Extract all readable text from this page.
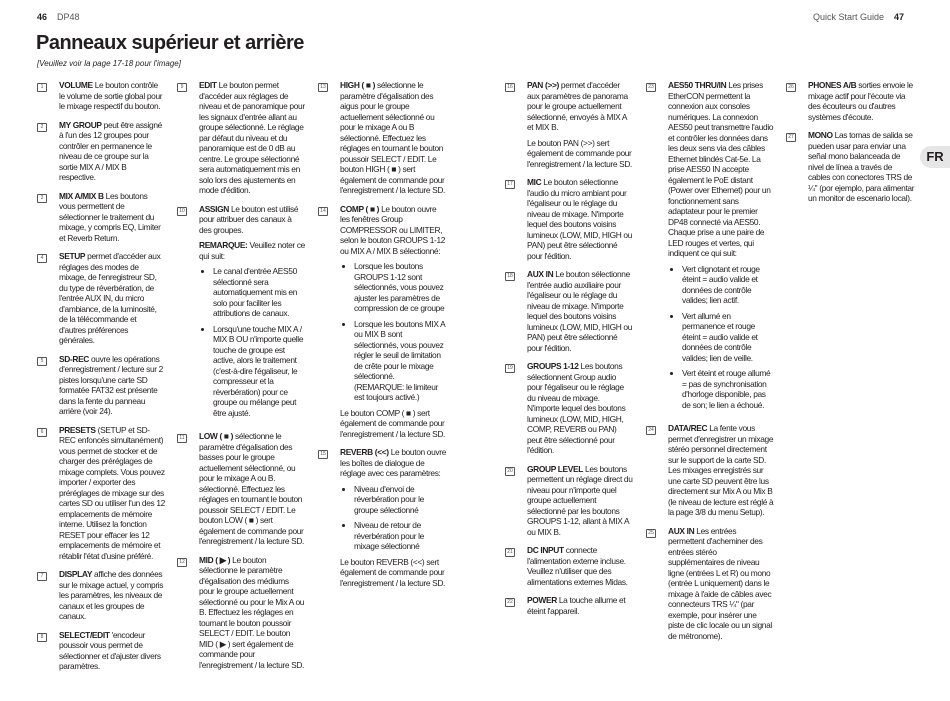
46 DP48	Quick Start Guide 47
Panneaux supérieur et arrière
[Veuillez voir la page 17-18 pour l'image]
FR
1	VOLUME Le bouton contrôle le volume de sortie global pour le mixage respectif du bouton.

2	MY GROUP peut être assigné à l'un des 12 groupes pour contrôler en permanence le niveau de ce groupe sur la sortie MIX A / MIX B respective.

3	MIX A/MIX B Les boutons vous permettent de sélectionner le traitement du mixage, y compris EQ, Limiter et Reverb Return.

4	SETUP permet d'accéder aux réglages des modes de mixage, de l'enregistreur SD, du type de réverbération, de l'entrée AUX IN, du micro d'ambiance, de la luminosité, de la télécommande et d'autres préférences générales.

5	SD-REC ouvre les opérations d'enregistrement / lecture sur 2 pistes lorsqu'une carte SD formatée FAT32 est présente dans la fente du panneau arrière (voir 24).

6	PRESETS (SETUP et SD-REC enfoncés simultanément) vous permet de stocker et de charger des préréglages de mixage complets. Vous pouvez importer / exporter des préréglages de mixage sur des cartes SD ou utiliser l'un des 12 emplacements de mémoire interne. Utilisez la fonction RESET pour effacer les 12 emplacements de mémoire et rétablir l'état d'usine préféré.

7	DISPLAY affiche des données sur le mixage actuel, y compris les paramètres, les niveaux de canaux et les groupes de canaux.

8	SELECT/EDIT 'encodeur poussoir vous permet de sélectionner et d'ajuster divers paramètres.

9	EDIT Le bouton permet d'accéder aux réglages de niveau et de panoramique pour les signaux d'entrée allant au groupe sélectionné. Le réglage par défaut du niveau et du panoramique est de 0 dB au centre. Le groupe sélectionné sera automatiquement mis en solo lors des ajustements en mode d'édition.

10 ASSIGN Le bouton est utilisé pour attribuer des canaux à des groupes.

REMARQUE: Veuillez noter ce qui suit:

• Le canal d'entrée AES50 sélectionné sera automatiquement mis en solo pour faciliter les attributions de canaux.
• Lorsqu'une touche MIX A / MIX B OU n'importe quelle touche de groupe est active, alors le traitement (c'est-à-dire l'égaliseur, le compresseur et la réverbération) pour ce groupe ou mélange peut être ajusté.
11 LOW ( ■ ) sélectionne le paramètre d'égalisation des basses pour le groupe actuellement sélectionné, ou pour le mixage A ou B. sélectionné. Effectuez les réglages en tournant le bouton poussoir SELECT / EDIT. Le bouton LOW ( ■ ) sert également de commande pour l'enregistrement / la lecture SD.

12 MID ( ▶ ) Le bouton sélectionne le paramètre d'égalisation des médiums pour le groupe actuellement sélectionné ou pour le Mix A ou B. Effectuez les réglages en tournant le bouton poussoir SELECT / EDIT. Le bouton MID ( ▶ ) sert également de commande pour l'enregistrement / la lecture SD.

13 HIGH ( ■ ) sélectionne le paramètre d'égalisation des aigus pour le groupe actuellement sélectionné ou pour le mixage A ou B sélectionné. Effectuez les réglages en tournant le bouton poussoir SELECT / EDIT. Le bouton HIGH ( ■ ) sert également de commande pour l'enregistrement / la lecture SD.

14 COMP ( ■ ) Le bouton ouvre les fenêtres Group COMPRESSOR ou LIMITER, selon le bouton GROUPS 1-12 ou MIX A / MIX B sélectionné:

• Lorsque les boutons GROUPS 1-12 sont sélectionnés, vous pouvez ajuster les paramètres de compression de ce groupe
• Lorsque les boutons MIX A ou MIX B sont sélectionnés, vous pouvez régler le seuil de limitation de crête pour le mixage sélectionné. (REMARQUE: le limiteur est toujours activé.)

Le bouton COMP ( ■ ) sert également de commande pour l'enregistrement / la lecture SD.

15 REVERB (<<) Le bouton ouvre les boîtes de dialogue de réglage avec ces paramètres:

• Niveau d'envoi de réverbération pour le groupe sélectionné
• Niveau de retour de réverbération pour le mixage sélectionné

Le bouton REVERB (<<) sert également de commande pour l'enregistrement / la lecture SD.

16 PAN (>>) permet d'accéder aux paramètres de panorama pour le groupe actuellement sélectionné, envoyés à MIX A et MIX B.

Le bouton PAN (>>) sert également de commande pour l'enregistrement / la lecture SD.

17 MIC Le bouton sélectionne l'audio du micro ambiant pour l'égaliseur ou le réglage du niveau de mixage. N'importe lequel des boutons voisins lumineux (LOW, MID, HIGH ou PAN) peut être sélectionné pour l'édition.

18 AUX IN Le bouton sélectionne l'entrée audio auxiliaire pour l'égaliseur ou le réglage du niveau de mixage. N'importe lequel des boutons voisins lumineux (LOW, MID, HIGH ou PAN) peut être sélectionné pour l'édition.

19 GROUPS 1-12 Les boutons sélectionnent Group audio pour l'égaliseur ou le réglage du niveau de mixage. N'importe lequel des boutons lumineux (LOW, MID, HIGH, COMP, REVERB ou PAN) peut être sélectionné pour l'édition.

20 GROUP LEVEL Les boutons permettent un réglage direct du niveau pour n'importe quel groupe actuellement sélectionné par les boutons GROUPS 1-12, allant à MIX A ou MIX B.

21 DC INPUT connecte l'alimentation externe incluse. Veuillez n'utiliser que des alimentations externes Midas.

22 POWER La touche allume et éteint l'appareil.

23 AES50 THRU/IN Les prises EtherCON permettent la connexion aux consoles numériques. La connexion AES50 peut transmettre l'audio et contrôler les données dans les deux sens via des câbles Ethernet blindés Cat-5e. La prise AES50 IN accepte également le PoE distant (Power over Ethernet) pour un fonctionnement sans adaptateur pour le premier DP48 connecté via AES50. Chaque prise a une paire de LED rouges et vertes, qui indiquent ce qui suit:

• Vert clignotant et rouge éteint = audio valide et données de contrôle valides; lien actif.
• Vert allumé en permanence et rouge éteint = audio valide et données de contrôle valides; lien de veille.
• Vert éteint et rouge allumé = pas de synchronisation d'horloge disponible, pas de son; le lien a échoué.
24 DATA/REC La fente vous permet d'enregistrer un mixage stéréo personnel directement sur le support de la carte SD. Les mixages enregistrés sur une carte SD peuvent être lus directement sur Mix A ou Mix B (le niveau de lecture est réglé à la page 3/8 du menu Setup).

25 AUX IN Les entrées permettent d'acheminer des entrées stéréo supplémentaires de niveau ligne (entrées L et R) ou mono (entrée L uniquement) dans le mixage à l'aide de câbles avec connecteurs TRS ¼" (par exemple, pour insérer une piste de clic locale ou un signal de métronome).

26 PHONES A/B sorties envoie le mixage actif pour l'écoute via des écouteurs ou d'autres systèmes d'écoute.

27 MONO Las tomas de salida se pueden usar para enviar una señal mono balanceada de nivel de línea a través de cables con conectores TRS de ¼" (por ejemplo, para alimentar un monitor de escenario local).
